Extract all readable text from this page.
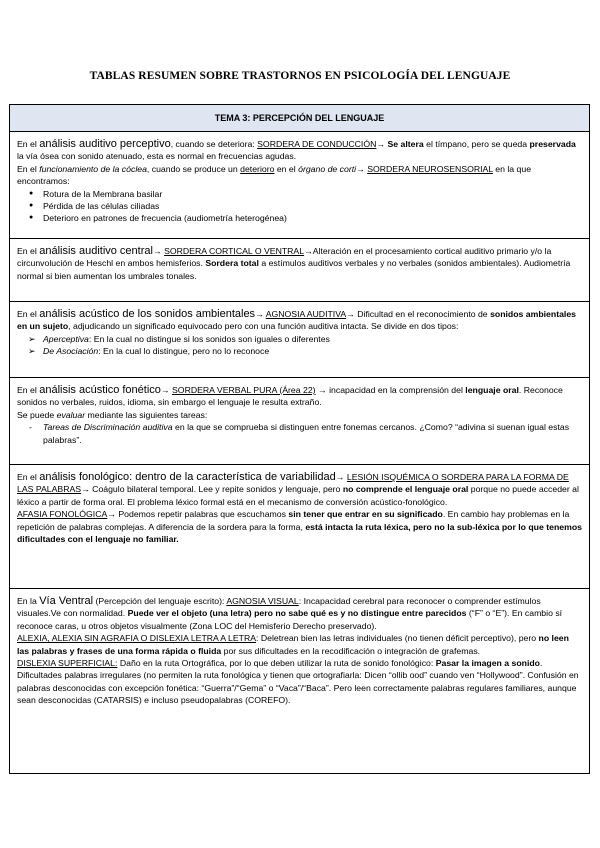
TABLAS RESUMEN SOBRE TRASTORNOS EN PSICOLOGÍA DEL LENGUAJE
TEMA 3: PERCEPCIÓN DEL LENGUAJE

En el análisis auditivo perceptivo, cuando se deteriora: SORDERA DE CONDUCCIÓN→ Se altera el tímpano, pero se queda preservada la vía ósea con sonido atenuado, esta es normal en frecuencias agudas.

En el funcionamiento de la cóclea, cuando se produce un deterioro en el órgano de corti→ SORDERA NEUROSENSORIAL en la que encontramos:

● Rotura de la Membrana basilar
● Pérdida de las células ciliadas
● Deterioro en patrones de frecuencia (audiometría heterogénea)

En el análisis auditivo central→ SORDERA CORTICAL O VENTRAL→Alteración en el procesamiento cortical auditivo primario y/o la circunvolución de Heschl en ambos hemisferios. Sordera total a estímulos auditivos verbales y no verbales (sonidos ambientales). Audiometría normal si bien aumentan los umbrales tonales.

En el análisis acústico de los sonidos ambientales→ AGNOSIA AUDITIVA→ Dificultad en el reconocimiento de sonidos ambientales en un sujeto, adjudicando un significado equivocado pero con una función auditiva intacta. Se divide en dos tipos:

➢ Aperceptiva: En la cual no distingue si los sonidos son iguales o diferentes
➢ De Asociación: En la cual lo distingue, pero no lo reconoce

En el análisis acústico fonético→ SORDERA VERBAL PURA (Área 22) → incapacidad en la comprensión del lenguaje oral. Reconoce sonidos no verbales, ruidos, idioma, sin embargo el lenguaje le resulta extraño.

Se puede evaluar mediante las siguientes tareas:

- Tareas de Discriminación auditiva en la que se comprueba si distinguen entre fonemas cercanos. ¿Como? “adivina si suenan igual estas palabras”.

En el análisis fonológico: dentro de la característica de variabilidad→ LESIÓN ISQUÉMICA O SORDERA PARA LA FORMA DE LAS PALABRAS→ Coágulo bilateral temporal. Lee y repite sonidos y lenguaje, pero no comprende el lenguaje oral porque no puede acceder al léxico a partir de forma oral. El problema léxico formal está en el mecanismo de conversión acústico-fonológico.

AFASIA FONOLÓGICA→ Podemos repetir palabras que escuchamos sin tener que entrar en su significado. En cambio hay problemas en la repetición de palabras complejas. A diferencia de la sordera para la forma, está intacta la ruta léxica, pero no la sub-léxica por lo que tenemos dificultades con el lenguaje no familiar.

En la Vía Ventral (Percepción del lenguaje escrito): AGNOSIA VISUAL: Incapacidad cerebral para reconocer o comprender estímulos visuales.Ve con normalidad. Puede ver el objeto (una letra) pero no sabe qué es y no distingue entre parecidos (“F” o “E”). En cambio sí reconoce caras, u otros objetos visualmente (Zona LOC del Hemisferio Derecho preservado).

ALEXIA, ALEXIA SIN AGRAFIA O DISLEXIA LETRA A LETRA: Deletrean bien las letras individuales (no tienen déficit perceptivo), pero no leen las palabras y frases de una forma rápida o fluida por sus dificultades en la recodificación o integración de grafemas.

DISLEXIA SUPERFICIAL: Daño en la ruta Ortográfica, por lo que deben utilizar la ruta de sonido fonológico: Pasar la imagen a sonido. Dificultades palabras irregulares (no permiten la ruta fonológica y tienen que ortografiarla: Dicen “ollib ood” cuando ven “Hollywood”. Confusión en palabras desconocidas con excepción fonética: “Guerra”/“Gema” o “Vaca”/“Baca”. Pero leen correctamente palabras regulares familiares, aunque sean desconocidas (CATARSIS) e incluso pseudopalabras (COREFO).
